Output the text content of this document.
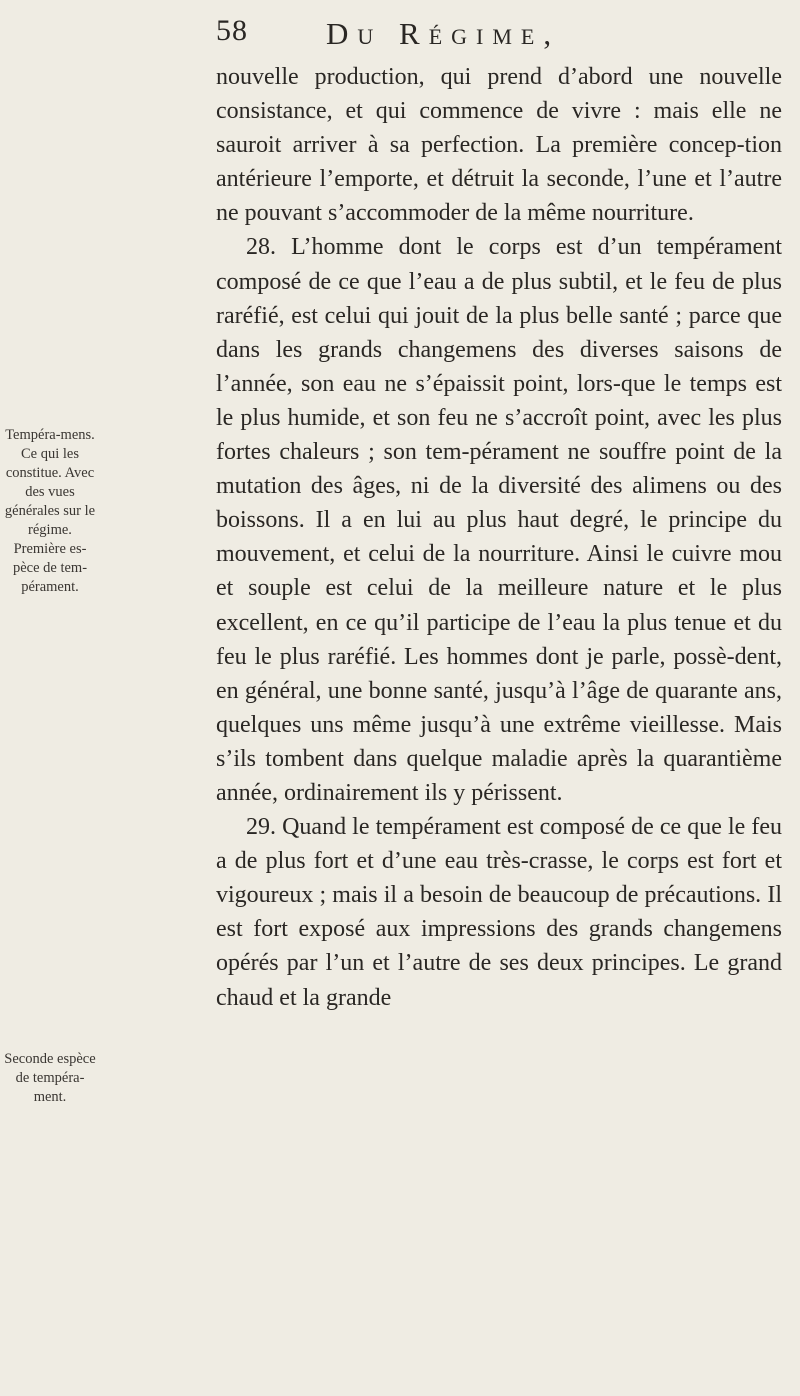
58	Du Régime,
Tempéra-mens. Ce qui les constitue. Avec des vues générales sur le régime. Première es-pèce de tem-pérament.
Seconde espèce de tempéra-ment.

nouvelle production, qui prend d’abord une nouvelle consistance, et qui commence de vivre : mais elle ne sauroit arriver à sa perfection. La première concep-tion antérieure l’emporte, et détruit la seconde, l’une et l’autre ne pouvant s’accommoder de la même nourriture.

28. L’homme dont le corps est d’un tempérament composé de ce que l’eau a de plus subtil, et le feu de plus raréfié, est celui qui jouit de la plus belle santé ; parce que dans les grands changemens des diverses saisons de l’année, son eau ne s’épaissit point, lors-que le temps est le plus humide, et son feu ne s’accroît point, avec les plus fortes chaleurs ; son tem-pérament ne souffre point de la mutation des âges, ni de la diversité des alimens ou des boissons. Il a en lui au plus haut degré, le principe du mouvement, et celui de la nourriture. Ainsi le cuivre mou et souple est celui de la meilleure nature et le plus excellent, en ce qu’il participe de l’eau la plus tenue et du feu le plus raréfié. Les hommes dont je parle, possè-dent, en général, une bonne santé, jusqu’à l’âge de quarante ans, quelques uns même jusqu’à une extrême vieillesse. Mais s’ils tombent dans quelque maladie après la quarantième année, ordinairement ils y périssent.

29. Quand le tempérament est composé de ce que le feu a de plus fort et d’une eau très-crasse, le corps est fort et vigoureux ; mais il a besoin de beaucoup de précautions. Il est fort exposé aux impressions des grands changemens opérés par l’un et l’autre de ses deux principes. Le grand chaud et la grande
